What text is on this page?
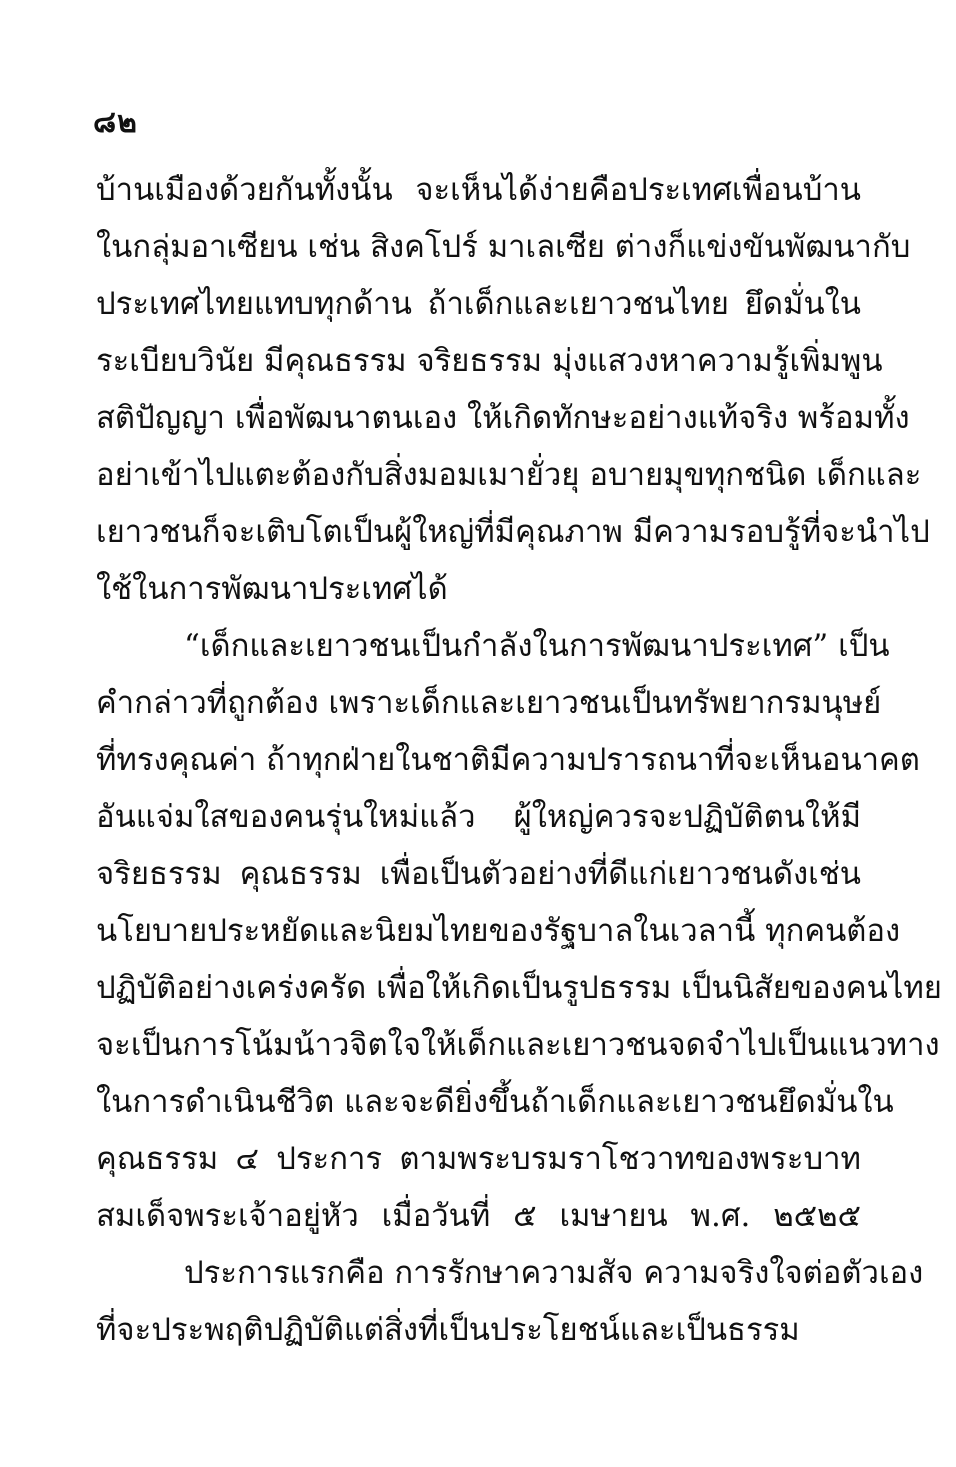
๘๒
บ้านเมืองด้วยกันทั้งนั้น จะเห็นได้ง่ายคือประเทศเพื่อนบ้าน
ในกลุ่มอาเซียน เช่น สิงคโปร์ มาเลเซีย ต่างก็แข่งขันพัฒนากับ
ประเทศไทยแทบทุกด้าน ถ้าเด็กและเยาวชนไทย ยึดมั่นใน
ระเบียบวินัย มีคุณธรรม จริยธรรม มุ่งแสวงหาความรู้เพิ่มพูน
สติปัญญา เพื่อพัฒนาตนเอง ให้เกิดทักษะอย่างแท้จริง พร้อมทั้ง
อย่าเข้าไปแตะต้องกับสิ่งมอมเมายั่วยุ อบายมุขทุกชนิด เด็กและ
เยาวชนก็จะเติบโตเป็นผู้ใหญ่ที่มีคุณภาพ มีความรอบรู้ที่จะนำไป
ใช้ในการพัฒนาประเทศได้
“เด็กและเยาวชนเป็นกำลังในการพัฒนาประเทศ” เป็น
คำกล่าวที่ถูกต้อง เพราะเด็กและเยาวชนเป็นทรัพยากรมนุษย์
ที่ทรงคุณค่า ถ้าทุกฝ่ายในชาติมีความปรารถนาที่จะเห็นอนาคต
อันแจ่มใสของคนรุ่นใหม่แล้ว ผู้ใหญ่ควรจะปฏิบัติตนให้มี
จริยธรรม คุณธรรม เพื่อเป็นตัวอย่างที่ดีแก่เยาวชนดังเช่น
นโยบายประหยัดและนิยมไทยของรัฐบาลในเวลานี้ ทุกคนต้อง
ปฏิบัติอย่างเคร่งครัด เพื่อให้เกิดเป็นรูปธรรม เป็นนิสัยของคนไทย
จะเป็นการโน้มน้าวจิตใจให้เด็กและเยาวชนจดจำไปเป็นแนวทาง
ในการดำเนินชีวิต และจะดียิ่งขึ้นถ้าเด็กและเยาวชนยึดมั่นใน
คุณธรรม ๔ ประการ ตามพระบรมราโชวาทของพระบาท
สมเด็จพระเจ้าอยู่หัว เมื่อวันที่ ๕ เมษายน พ.ศ. ๒๕๒๕
ประการแรกคือ การรักษาความสัจ ความจริงใจต่อตัวเอง
ที่จะประพฤติปฏิบัติแต่สิ่งที่เป็นประโยชน์และเป็นธรรม
